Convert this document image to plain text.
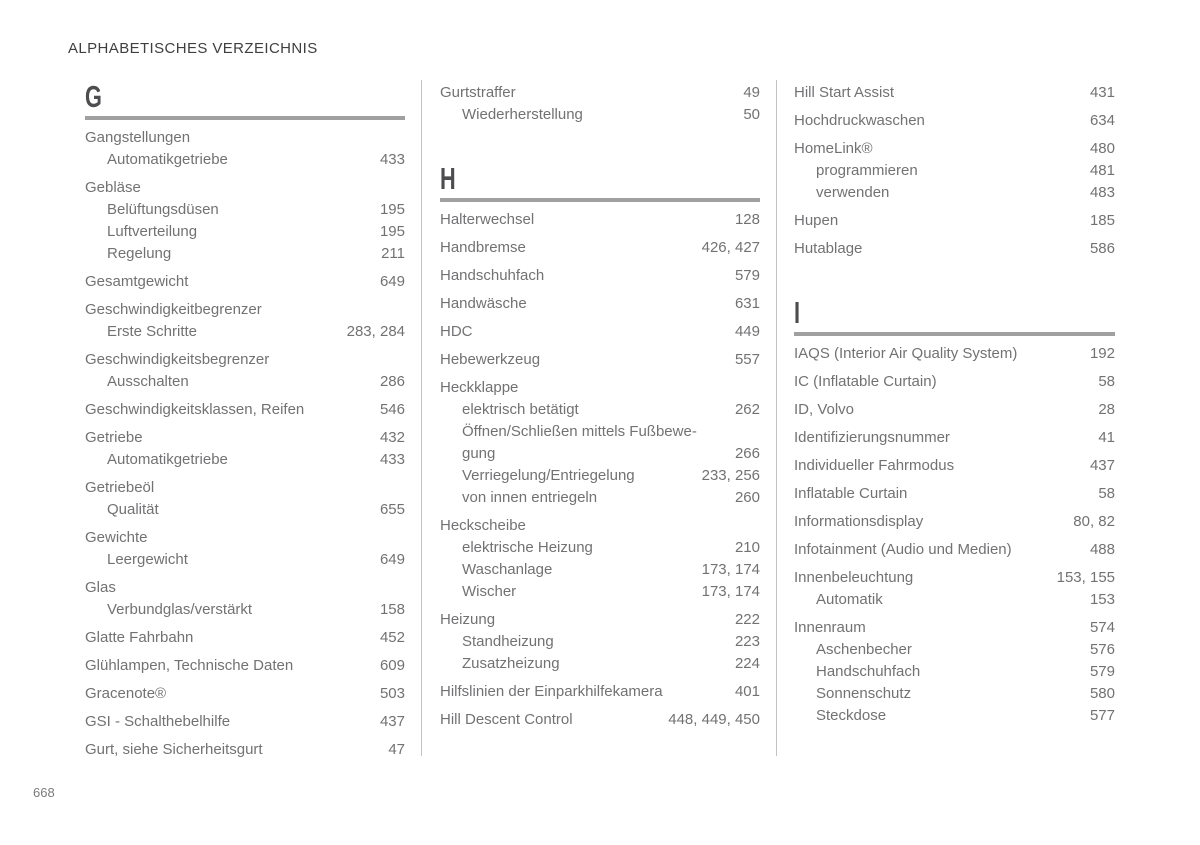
ALPHABETISCHES VERZEICHNIS
G
Gangstellungen
Automatikgetriebe	433
Gebläse
Belüftungsdüsen	195
Luftverteilung	195
Regelung	211
Gesamtgewicht	649
Geschwindigkeitbegrenzer
Erste Schritte	283, 284
Geschwindigkeitsbegrenzer
Ausschalten	286
Geschwindigkeitsklassen, Reifen	546
Getriebe	432
Automatikgetriebe	433
Getriebeöl
Qualität	655
Gewichte
Leergewicht	649
Glas
Verbundglas/verstärkt	158
Glatte Fahrbahn	452
Glühlampen, Technische Daten	609
Gracenote®	503
GSI - Schalthebelhilfe	437
Gurt, siehe Sicherheitsgurt	47
Gurtstraffer	49
Wiederherstellung	50
H
Halterwechsel	128
Handbremse	426, 427
Handschuhfach	579
Handwäsche	631
HDC	449
Hebewerkzeug	557
Heckklappe
elektrisch betätigt	262
Öffnen/Schließen mittels Fußbewe-
gung	266
Verriegelung/Entriegelung	233, 256
von innen entriegeln	260
Heckscheibe
elektrische Heizung	210
Waschanlage	173, 174
Wischer	173, 174
Heizung	222
Standheizung	223
Zusatzheizung	224
Hilfslinien der Einparkhilfekamera	401
Hill Descent Control	448, 449, 450
Hill Start Assist	431
Hochdruckwaschen	634
HomeLink®	480
programmieren	481
verwenden	483
Hupen	185
Hutablage	586
I
IAQS (Interior Air Quality System)	192
IC (Inflatable Curtain)	58
ID, Volvo	28
Identifizierungsnummer	41
Individueller Fahrmodus	437
Inflatable Curtain	58
Informationsdisplay	80, 82
Infotainment (Audio und Medien)	488
Innenbeleuchtung	153, 155
Automatik	153
Innenraum	574
Aschenbecher	576
Handschuhfach	579
Sonnenschutz	580
Steckdose	577
668
